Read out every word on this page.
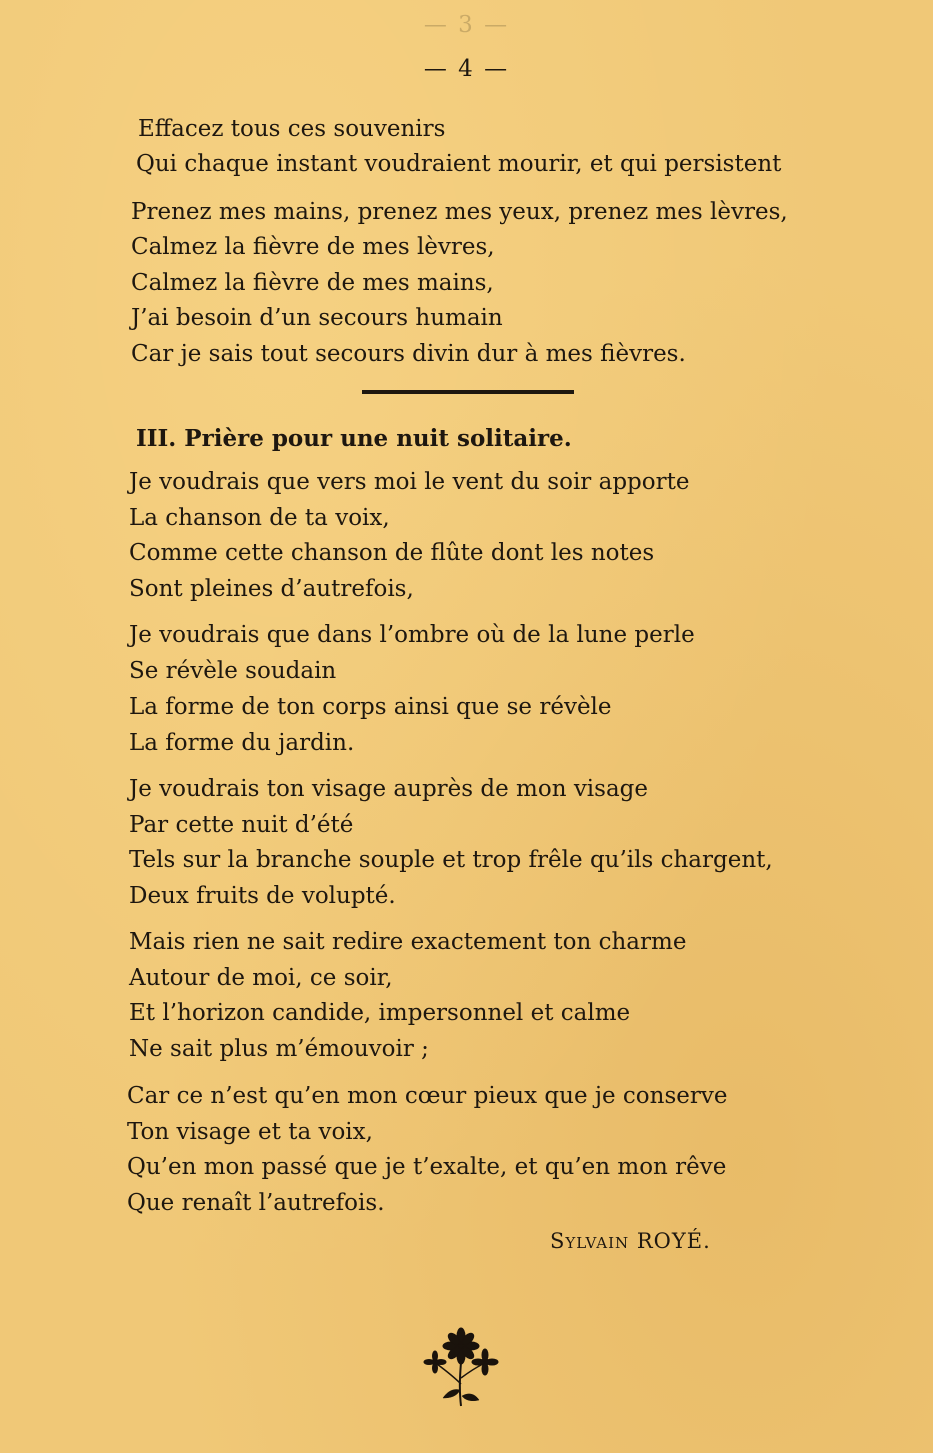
— 3 —
— 4 —
Effacez tous ces souvenirs
Qui chaque instant voudraient mourir, et qui persistent
Prenez mes mains, prenez mes yeux, prenez mes lèvres,
Calmez la fièvre de mes lèvres,
Calmez la fièvre de mes mains,
J’ai besoin d’un secours humain
Car je sais tout secours divin dur à mes fièvres.
III. Prière pour une nuit solitaire.
Je voudrais que vers moi le vent du soir apporte
La chanson de ta voix,
Comme cette chanson de flûte dont les notes
Sont pleines d’autrefois,
Je voudrais que dans l’ombre où de la lune perle
Se révèle soudain
La forme de ton corps ainsi que se révèle
La forme du jardin.
Je voudrais ton visage auprès de mon visage
Par cette nuit d’été
Tels sur la branche souple et trop frêle qu’ils chargent,
Deux fruits de volupté.
Mais rien ne sait redire exactement ton charme
Autour de moi, ce soir,
Et l’horizon candide, impersonnel et calme
Ne sait plus m’émouvoir ;
Car ce n’est qu’en mon cœur pieux que je conserve
Ton visage et ta voix,
Qu’en mon passé que je t’exalte, et qu’en mon rêve
Que renaît l’autrefois.
Sylvain ROYÉ.
